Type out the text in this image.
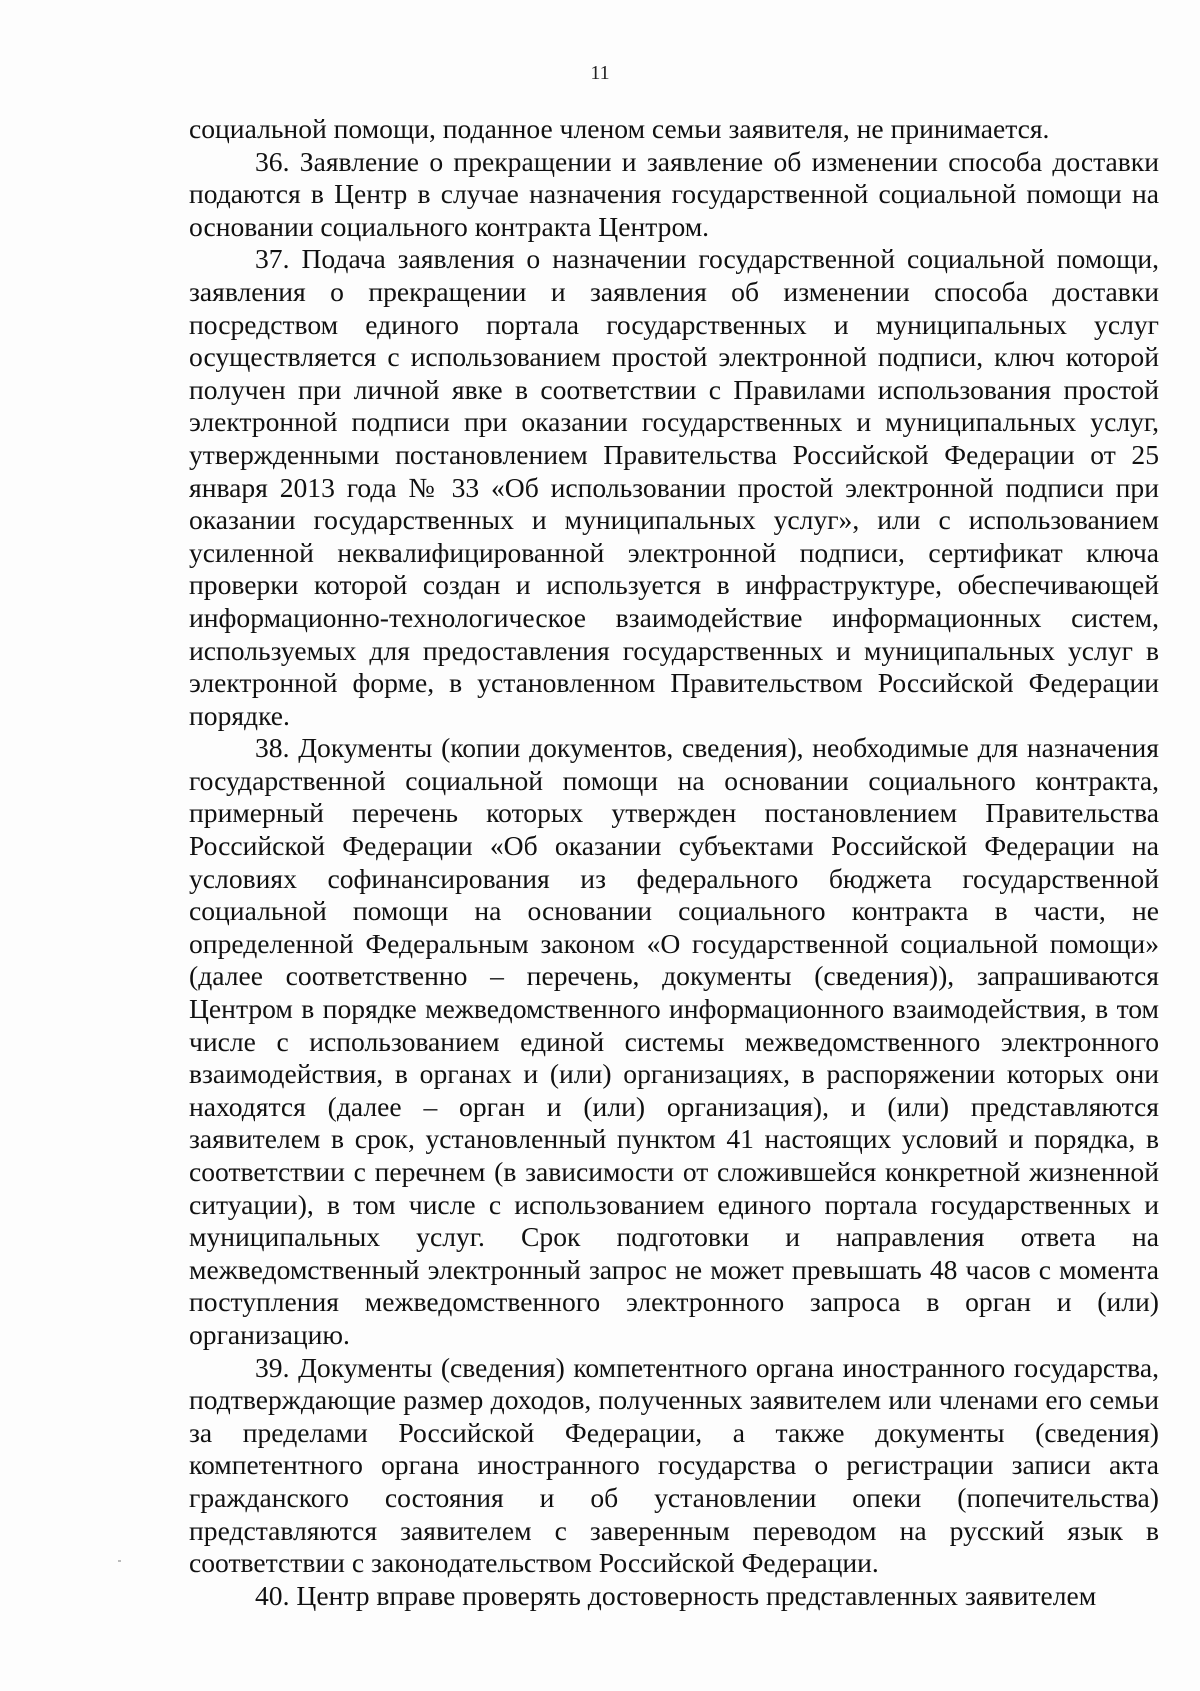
11

социальной помощи, поданное членом семьи заявителя, не принимается.

36. Заявление о прекращении и заявление об изменении способа доставки подаются в Центр в случае назначения государственной социальной помощи на основании социального контракта Центром.

37. Подача заявления о назначении государственной социальной помощи, заявления о прекращении и заявления об изменении способа доставки посредством единого портала государственных и муниципальных услуг осуществляется с использованием простой электронной подписи, ключ которой получен при личной явке в соответствии с Правилами использования простой электронной подписи при оказании государственных и муниципальных услуг, утвержденными постановлением Правительства Российской Федерации от 25 января 2013 года № 33 «Об использовании простой электронной подписи при оказании государственных и муниципальных услуг», или с использованием усиленной неквалифицированной электронной подписи, сертификат ключа проверки которой создан и используется в инфраструктуре, обеспечивающей информационно-технологическое взаимодействие информационных систем, используемых для предоставления государственных и муниципальных услуг в электронной форме, в установленном Правительством Российской Федерации порядке.

38. Документы (копии документов, сведения), необходимые для назначения государственной социальной помощи на основании социального контракта, примерный перечень которых утвержден постановлением Правительства Российской Федерации «Об оказании субъектами Российской Федерации на условиях софинансирования из федерального бюджета государственной социальной помощи на основании социального контракта в части, не определенной Федеральным законом «О государственной социальной помощи» (далее соответственно – перечень, документы (сведения)), запрашиваются Центром в порядке межведомственного информационного взаимодействия, в том числе с использованием единой системы межведомственного электронного взаимодействия, в органах и (или) организациях, в распоряжении которых они находятся (далее – орган и (или) организация), и (или) представляются заявителем в срок, установленный пунктом 41 настоящих условий и порядка, в соответствии с перечнем (в зависимости от сложившейся конкретной жизненной ситуации), в том числе с использованием единого портала государственных и муниципальных услуг. Срок подготовки и направления ответа на межведомственный электронный запрос не может превышать 48 часов с момента поступления межведомственного электронного запроса в орган и (или) организацию.

39. Документы (сведения) компетентного органа иностранного государства, подтверждающие размер доходов, полученных заявителем или членами его семьи за пределами Российской Федерации, а также документы (сведения) компетентного органа иностранного государства о регистрации записи акта гражданского состояния и об установлении опеки (попечительства) представляются заявителем с заверенным переводом на русский язык в соответствии с законодательством Российской Федерации.

40. Центр вправе проверять достоверность представленных заявителем
